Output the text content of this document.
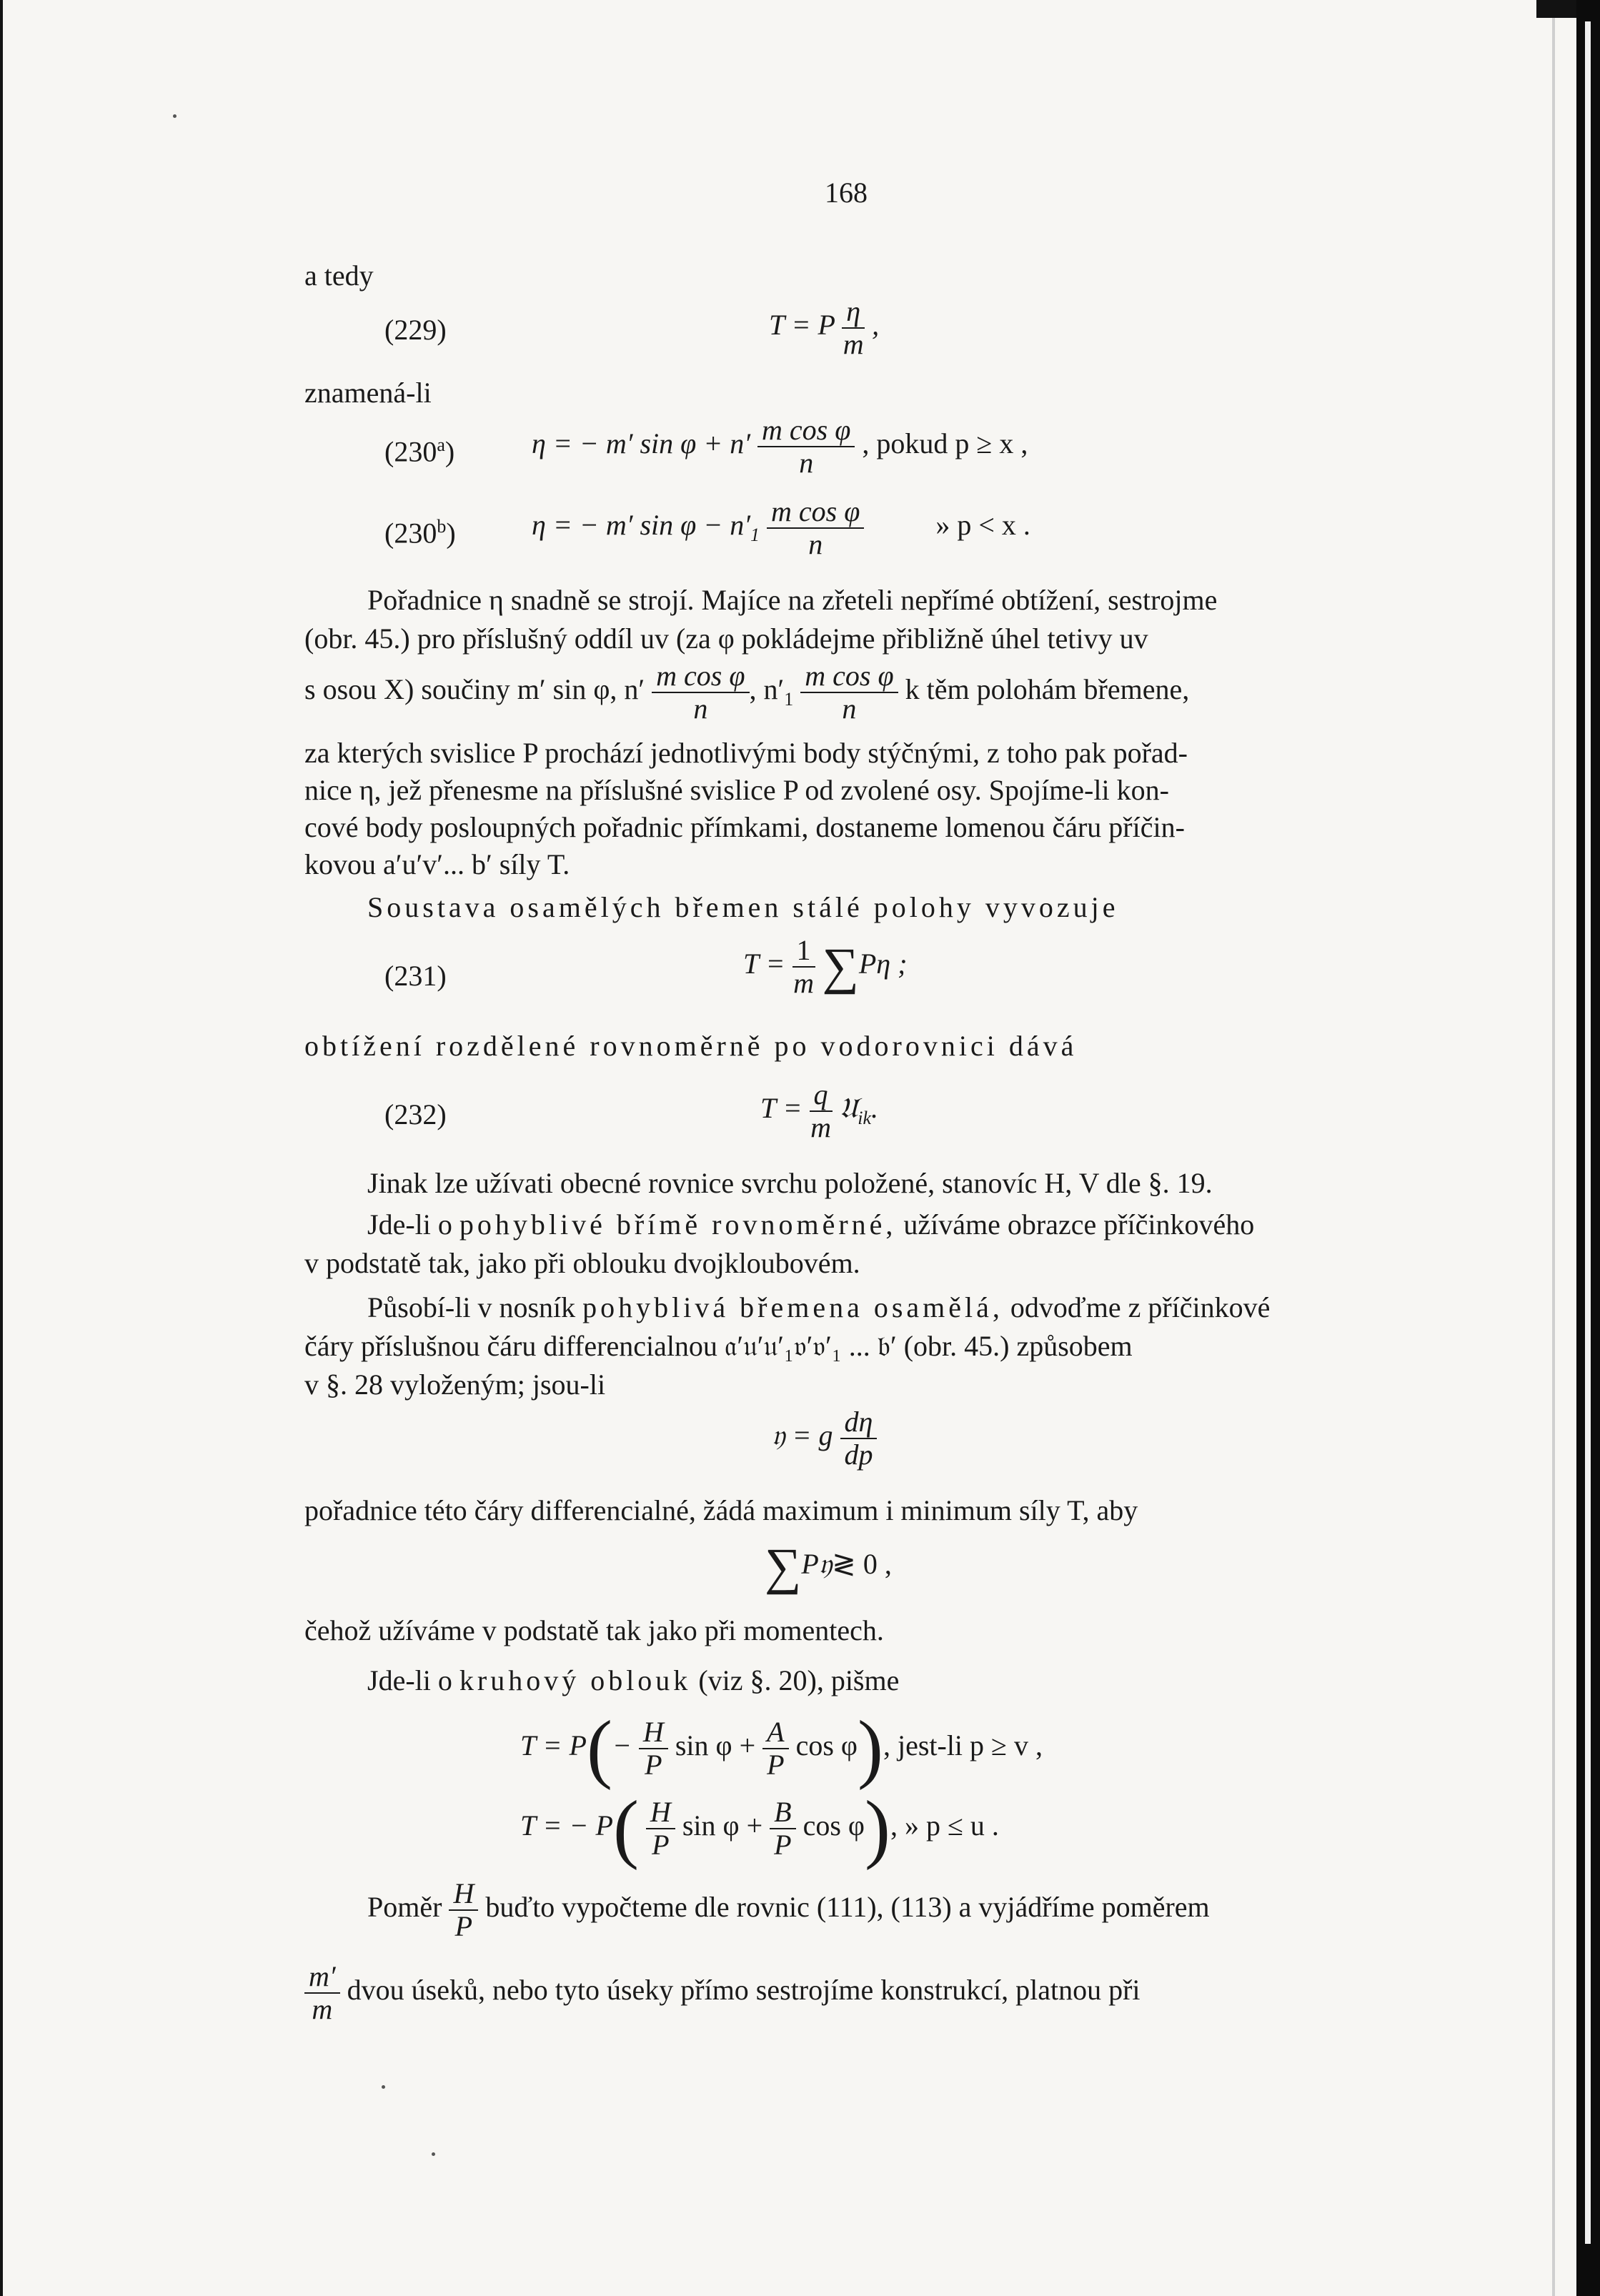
168
a tedy
(229)	T = P $\frac{\eta}{m}$ ,
znamená-li
(230$^a$)	η = − m′ $\sin \varphi + n' \frac{\text{m cos φ}}{n}$ , pokud p ≥ x ,
(230$^b$)	η = − m′ $\sin \varphi - n'_1 \frac{\text{m cos φ}}{n}$	» p < x .
Pořadnice η snadně se strojí. Majíce na zřeteli nepřímé obtížení, sestrojme
(obr. 45.) pro příslušný oddíl uv (za φ pokládejme přibližně úhel tetivy uv
s osou X) součiny m′ sin φ, $n' \frac{\text{m cos φ}}{n}$ , $n'_1 \frac{\text{m cos φ}}{n}$ k těm polohám břemene,
za kterých svislice P prochází jednotlivými body stýčnými, z toho pak pořad-
nice η, jež přenesme na příslušné svislice P od zvolené osy. Spojíme-li kon-
cové body posloupných pořadnic přímkami, dostaneme lomenou čáru příčin-
kovou a′u′v′... b′ síly T.
Soustava osamělých břemen stálé polohy vyvozuje
(231)	$T = \frac{1}{m} \sum P\eta$ ;
obtížení rozdělené rovnoměrně po vodorovnici dává
(232)	$T = \frac{q}{m}$ 𝔘$_{ik}$.
Jinak lze užívati obecné rovnice svrchu položené, stanovíc H, V dle §. 19.
Jde-li o pohyblivé břímě rovnoměrné, užíváme obrazce příčinkového
v podstatě tak, jako při oblouku dvojkloubovém.
Působí-li v nosník pohyblivá břemena osamělá, odvoďme z příčinkové
čáry příslušnou čáru differencialnou 𝔞′𝔲′𝔲′₁𝔳′𝔳′₁ ... 𝔟′ (obr. 45.) způsobem
v §. 28 vyloženým; jsou-li
𝔶 = g $\frac{d\eta}{dp}$
pořadnice této čáry differencialné, žádá maximum i minimum síly T, aby
∑P𝔶≷ 0 ,
čehož užíváme v podstatě tak jako při momentech.
Jde-li o kruhový oblouk (viz §. 20), pišme
$T = P(- \frac{H}{P}$ $\sin \varphi + \frac{A}{P}$ cos φ), jest-li p ≥ v ,
T = − $P( \frac{H}{P}$ $\sin \varphi + \frac{B}{P}$ cos φ), » p ≤ u .
Poměr $\frac{H}{P}$ buďto vypočteme dle rovnic (111), (113) a vyjádříme poměrem
$\frac{m'}{m}$ dvou úseků, nebo tyto úseky přímo sestrojíme konstrukcí, platnou při
